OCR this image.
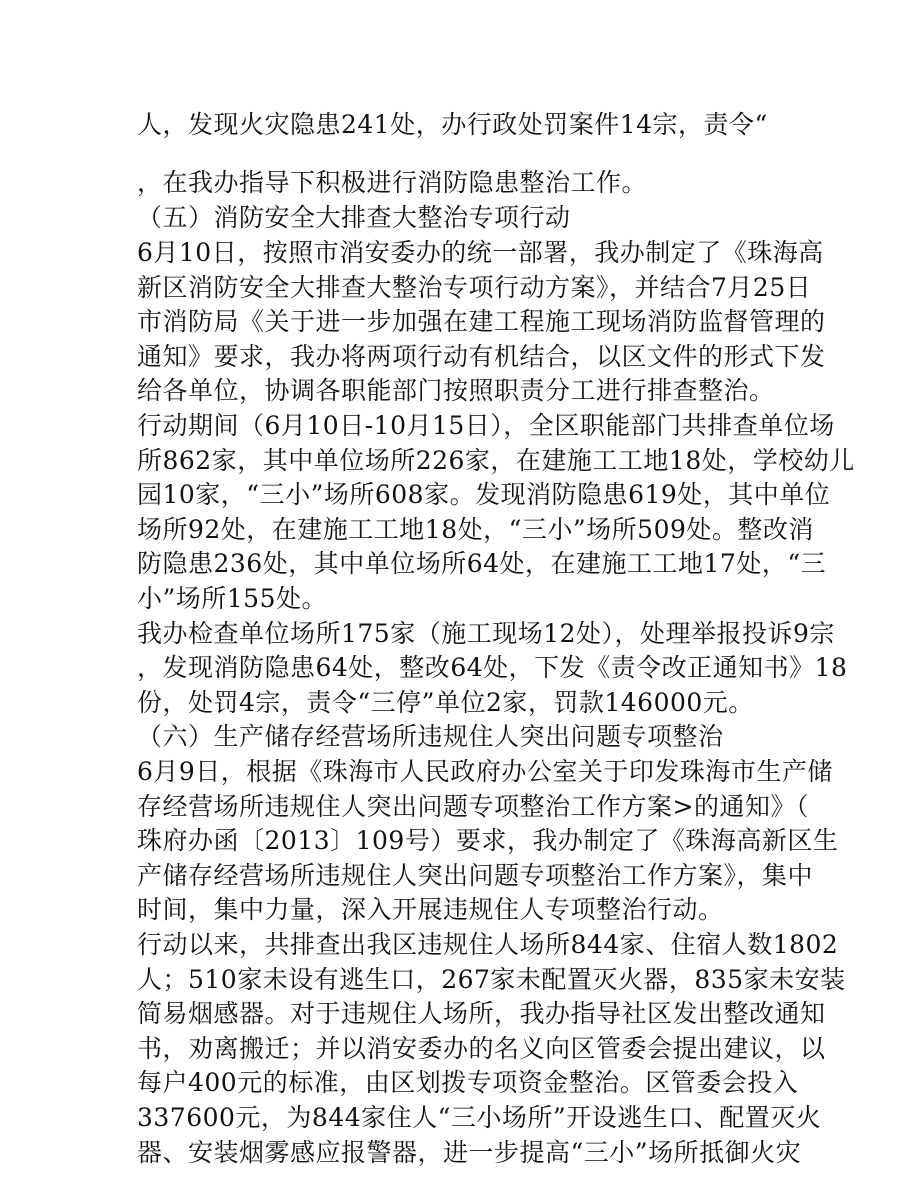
人，发现火灾隐患241处，办行政处罚案件14宗，责令“
，在我办指导下积极进行消防隐患整治工作。
（五）消防安全大排查大整治专项行动
6月10日，按照市消安委办的统一部署，我办制定了《珠海高
新区消防安全大排查大整治专项行动方案》，并结合7月25日
市消防局《关于进一步加强在建工程施工现场消防监督管理的
通知》要求，我办将两项行动有机结合，以区文件的形式下发
给各单位，协调各职能部门按照职责分工进行排查整治。
行动期间（6月10日-10月15日），全区职能部门共排查单位场
所862家，其中单位场所226家，在建施工工地18处，学校幼儿
园10家，“三小”场所608家。发现消防隐患619处，其中单位
场所92处，在建施工工地18处，“三小”场所509处。整改消
防隐患236处，其中单位场所64处，在建施工工地17处，“三
小”场所155处。
我办检查单位场所175家（施工现场12处），处理举报投诉9宗
，发现消防隐患64处，整改64处，下发《责令改正通知书》18
份，处罚4宗，责令“三停”单位2家，罚款146000元。
（六）生产储存经营场所违规住人突出问题专项整治
6月9日，根据《珠海市人民政府办公室关于印发珠海市生产储
存经营场所违规住人突出问题专项整治工作方案>的通知》（
珠府办函〔2013〕109号）要求，我办制定了《珠海高新区生
产储存经营场所违规住人突出问题专项整治工作方案》，集中
时间，集中力量，深入开展违规住人专项整治行动。
行动以来，共排查出我区违规住人场所844家、住宿人数1802
人；510家未设有逃生口，267家未配置灭火器，835家未安装
简易烟感器。对于违规住人场所，我办指导社区发出整改通知
书，劝离搬迁；并以消安委办的名义向区管委会提出建议，以
每户400元的标准，由区划拨专项资金整治。区管委会投入
337600元，为844家住人“三小场所”开设逃生口、配置灭火
器、安装烟雾感应报警器，进一步提高“三小”场所抵御火灾
